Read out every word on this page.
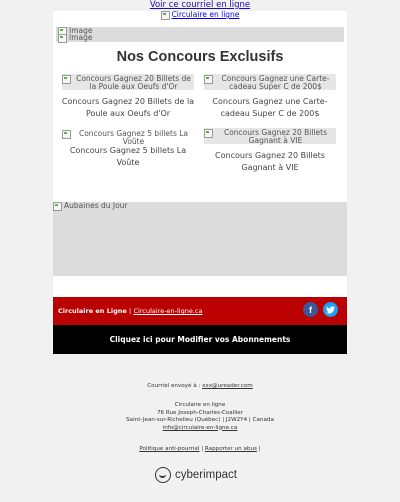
Voir ce courriel en ligne
Circulaire en ligne
Image
Image
Nos Concours Exclusifs
Concours Gagnez 20 Billets de la Poule aux Oeufs d'Or
Concours Gagnez 20 Billets de la Poule aux Oeufs d'Or
Concours Gagnez une Carte-cadeau Super C de 200$
Concours Gagnez une Carte-cadeau Super C de 200$
Concours Gagnez 5 billets La Voûte
Concours Gagnez 5 billets La Voûte
Concours Gagnez 20 Billets Gagnant à VIE
Concours Gagnez 20 Billets Gagnant à VIE
Aubaines du Jour
Circulaire en Ligne | Circulaire-en-ligne.ca	f
Cliquez ici pour Modifier vos Abonnements
Courriel envoyé à : xxx@ureader.com
Circulaire en ligne
76 Rue Joseph-Charles-Coallier
Saint-Jean-sur-Richelieu (Québec) | J2W2Y4 | Canada
info@circulaire-en-ligne.ca
Politique anti-pourriel | Rapporter un abus |
cyberimpact
